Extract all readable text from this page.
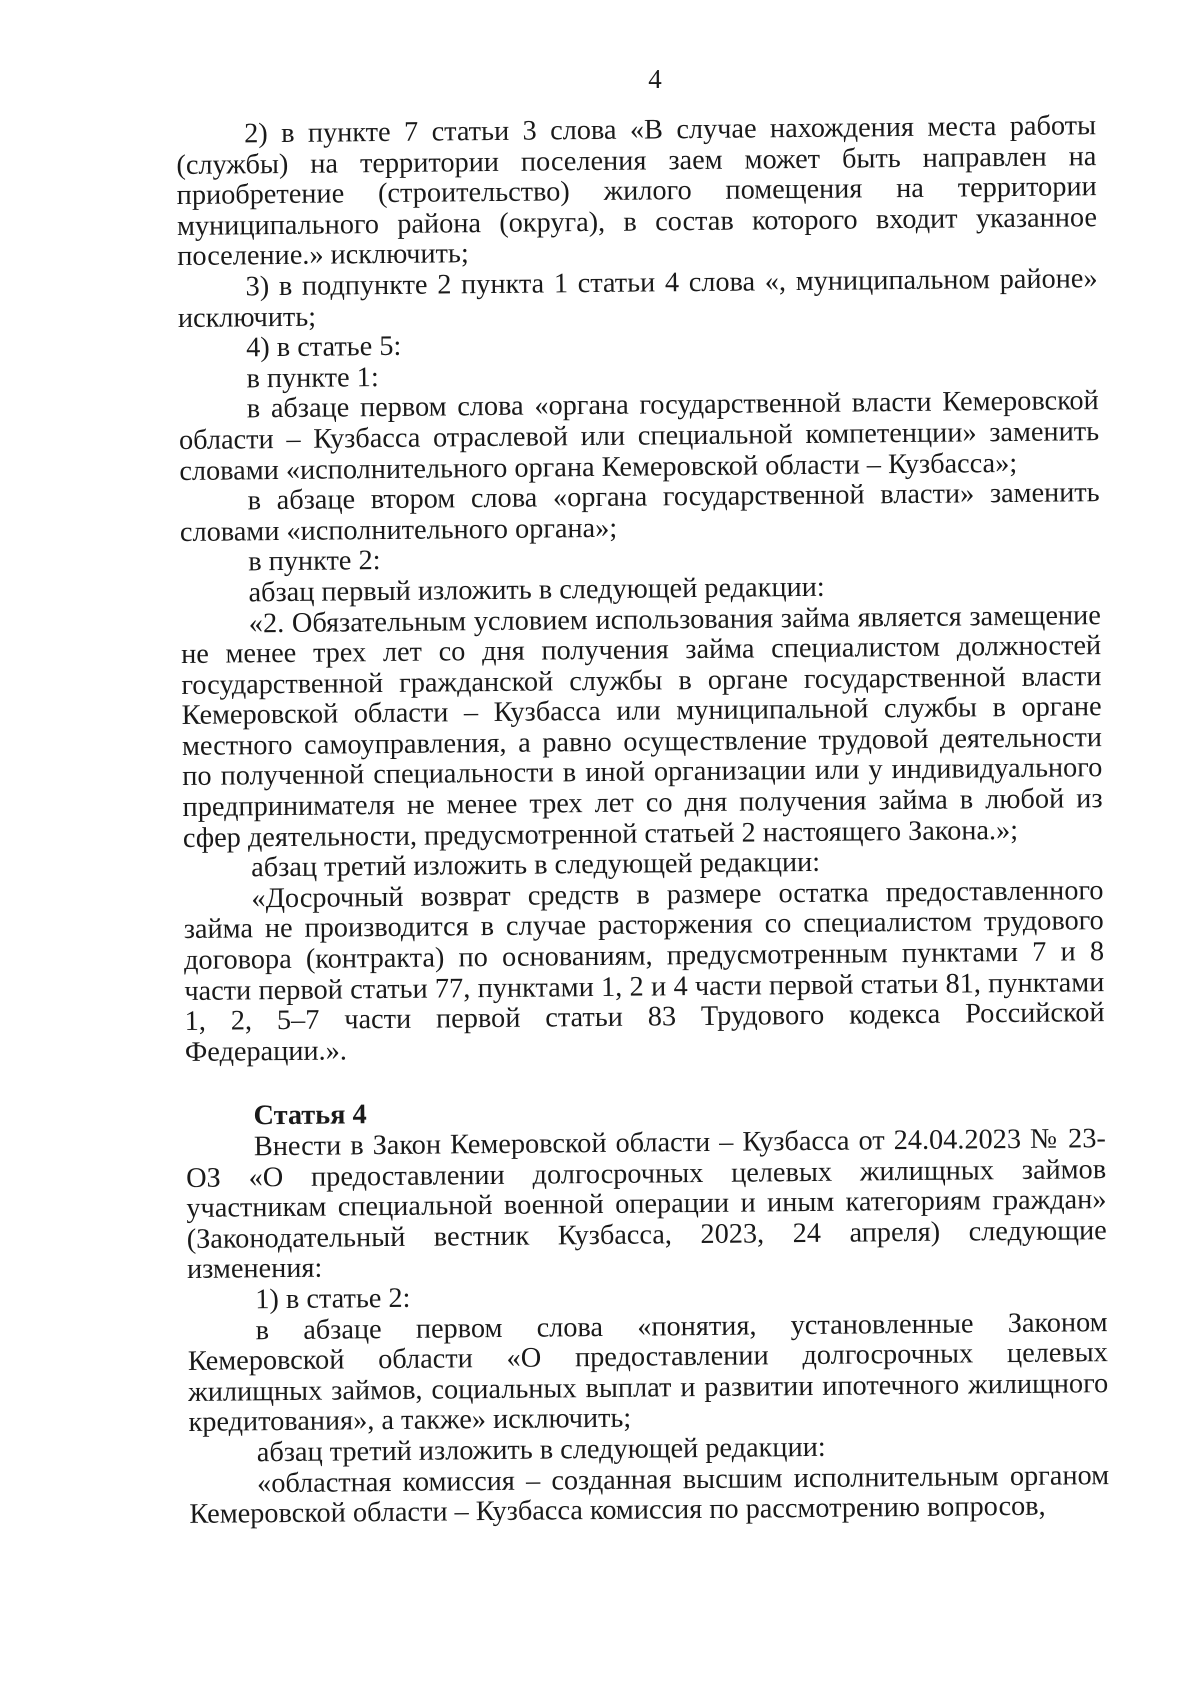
4

2) в пункте 7 статьи 3 слова «В случае нахождения места работы (службы) на территории поселения заем может быть направлен на приобретение (строительство) жилого помещения на территории муниципального района (округа), в состав которого входит указанное поселение.» исключить;

3) в подпункте 2 пункта 1 статьи 4 слова «, муниципальном районе» исключить;

4) в статье 5:

в пункте 1:

в абзаце первом слова «органа государственной власти Кемеровской области – Кузбасса отраслевой или специальной компетенции» заменить словами «исполнительного органа Кемеровской области – Кузбасса»;

в абзаце втором слова «органа государственной власти» заменить словами «исполнительного органа»;

в пункте 2:

абзац первый изложить в следующей редакции:

«2. Обязательным условием использования займа является замещение не менее трех лет со дня получения займа специалистом должностей государственной гражданской службы в органе государственной власти Кемеровской области – Кузбасса или муниципальной службы в органе местного самоуправления, а равно осуществление трудовой деятельности по полученной специальности в иной организации или у индивидуального предпринимателя не менее трех лет со дня получения займа в любой из сфер деятельности, предусмотренной статьей 2 настоящего Закона.»;

абзац третий изложить в следующей редакции:

«Досрочный возврат средств в размере остатка предоставленного займа не производится в случае расторжения со специалистом трудового договора (контракта) по основаниям, предусмотренным пунктами 7 и 8 части первой статьи 77, пунктами 1, 2 и 4 части первой статьи 81, пунктами 1, 2, 5–7 части первой статьи 83 Трудового кодекса Российской Федерации.».

Статья 4

Внести в Закон Кемеровской области – Кузбасса от 24.04.2023 № 23-ОЗ «О предоставлении долгосрочных целевых жилищных займов участникам специальной военной операции и иным категориям граждан» (Законодательный вестник Кузбасса, 2023, 24 апреля) следующие изменения:

1) в статье 2:

в абзаце первом слова «понятия, установленные Законом Кемеровской области «О предоставлении долгосрочных целевых жилищных займов, социальных выплат и развитии ипотечного жилищного кредитования», а также» исключить;

абзац третий изложить в следующей редакции:

«областная комиссия – созданная высшим исполнительным органом Кемеровской области – Кузбасса комиссия по рассмотрению вопросов,
